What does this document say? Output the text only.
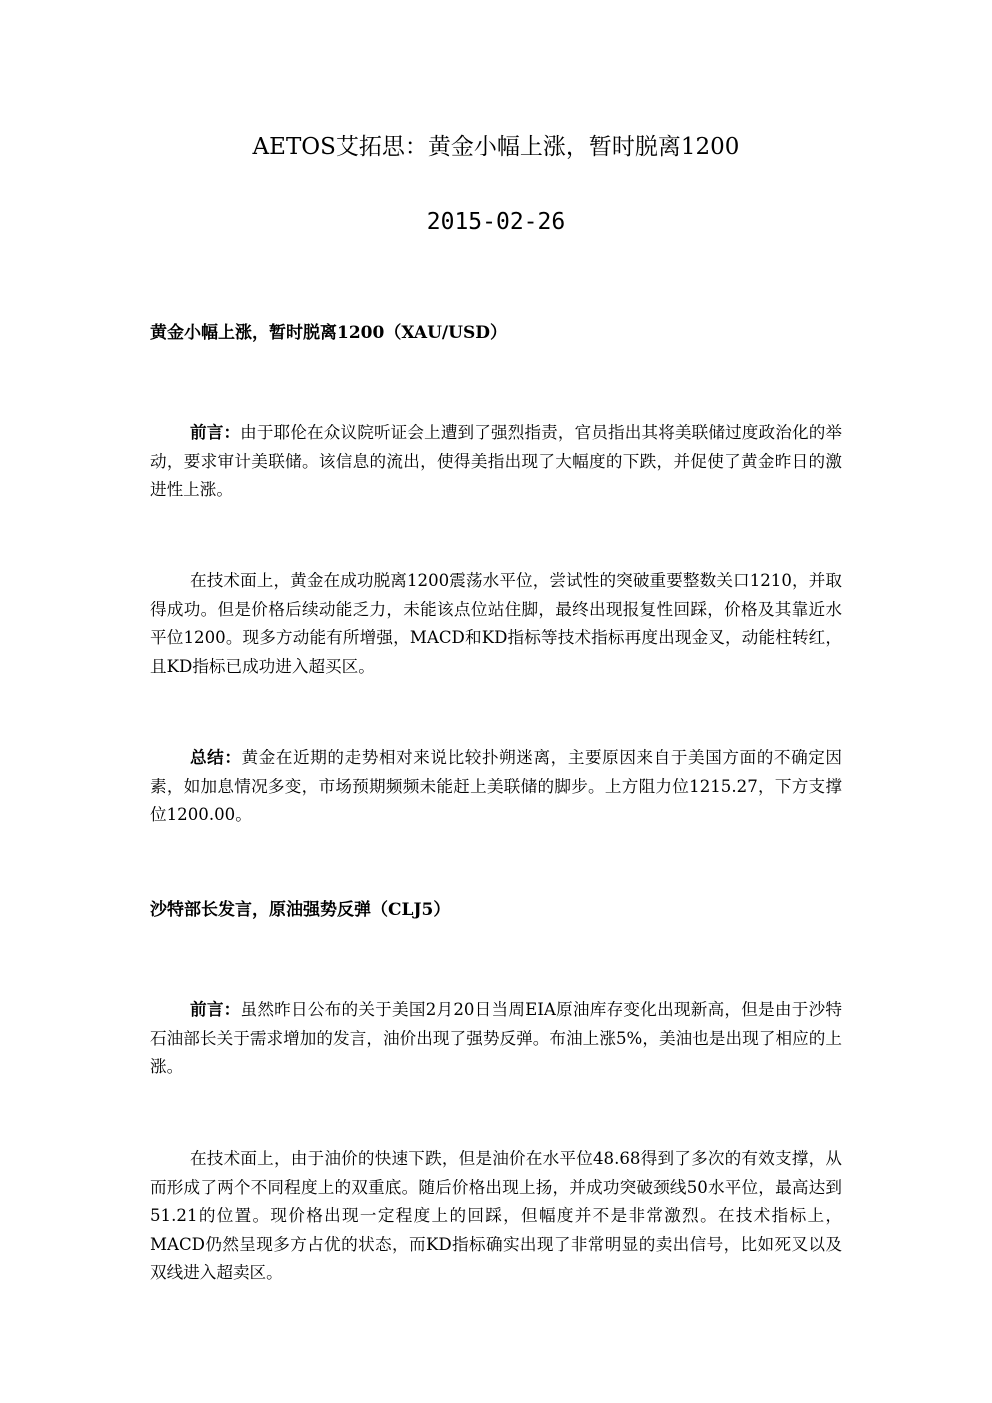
AETOS艾拓思：黄金小幅上涨，暂时脱离1200
2015-02-26
黄金小幅上涨，暂时脱离1200（XAU/USD）

前言：由于耶伦在众议院听证会上遭到了强烈指责，官员指出其将美联储过度政治化的举动，要求审计美联储。该信息的流出，使得美指出现了大幅度的下跌，并促使了黄金昨日的激进性上涨。

在技术面上，黄金在成功脱离1200震荡水平位，尝试性的突破重要整数关口1210，并取得成功。但是价格后续动能乏力，未能该点位站住脚，最终出现报复性回踩，价格及其靠近水平位1200。现多方动能有所增强，MACD和KD指标等技术指标再度出现金叉，动能柱转红，且KD指标已成功进入超买区。

总结：黄金在近期的走势相对来说比较扑朔迷离，主要原因来自于美国方面的不确定因素，如加息情况多变，市场预期频频未能赶上美联储的脚步。上方阻力位1215.27，下方支撑位1200.00。

沙特部长发言，原油强势反弹（CLJ5）

前言：虽然昨日公布的关于美国2月20日当周EIA原油库存变化出现新高，但是由于沙特石油部长关于需求增加的发言，油价出现了强势反弹。布油上涨5%，美油也是出现了相应的上涨。

在技术面上，由于油价的快速下跌，但是油价在水平位48.68得到了多次的有效支撑，从而形成了两个不同程度上的双重底。随后价格出现上扬，并成功突破颈线50水平位，最高达到51.21的位置。现价格出现一定程度上的回踩，但幅度并不是非常激烈。在技术指标上，MACD仍然呈现多方占优的状态，而KD指标确实出现了非常明显的卖出信号，比如死叉以及双线进入超卖区。
